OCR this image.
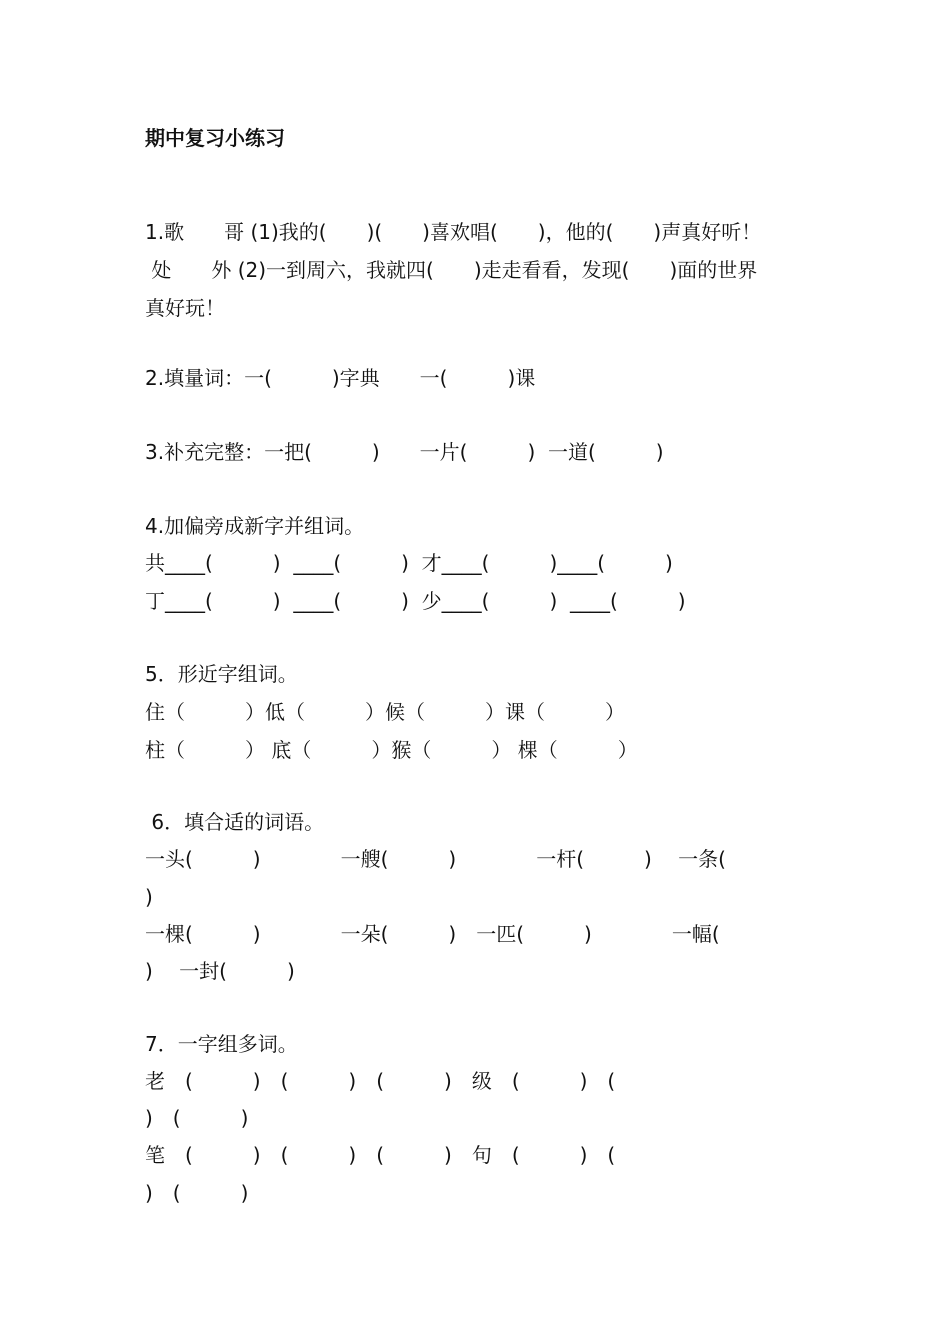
期中复习小练习
1.歌　　哥 (1)我的(　　)(　　)喜欢唱(　　)，他的(　　)声真好听！
处　　外 (2)一到周六，我就四(　　)走走看看，发现(　　)面的世界
真好玩！
2.填量词：一(　　　)字典　　一(　　　)课
3.补充完整：一把(　　　)　　一片(　　　)  一道(　　　)
4.加偏旁成新字并组词。
共____(　　　)  ____(　　　)  才____(　　　)____(　　　)
丁____(　　　)  ____(　　　)  少____(　　　)  ____(　　　)
5．形近字组词。
住（　　　）低（　　　）候（　　　）课（　　　）
柱（　　　） 底（　　　）猴（　　　） 棵（　　　）
6．填合适的词语。
一头(　　　)　　　　一艘(　　　)　　　　一杆(　　　)　 一条(
)
一棵(　　　)　　　　一朵(　　　)　一匹(　　　)　　　　一幅(
)　 一封(　　　)
7．一字组多词。
老　(　　　)　(　　　)　(　　　)　级　(　　　)　(
)　(　　　)
笔　(　　　)　(　　　)　(　　　)　句　(　　　)　(
)　(　　　)
